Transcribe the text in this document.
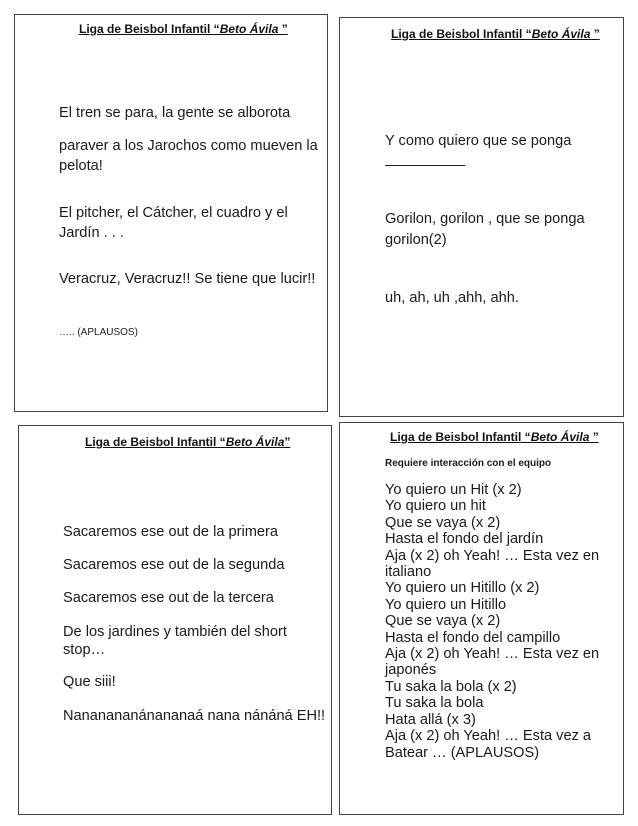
Liga de Beisbol Infantil “Beto Ávila ”

El tren se para, la gente se alborota

paraver a los Jarochos como mueven la

pelota!

El pitcher, el Cátcher, el cuadro y el

Jardín . . .

Veracruz, Veracruz!! Se tiene que lucir!!

….. (APLAUSOS)

Liga de Beisbol Infantil “Beto Ávila ”

Y como quiero que se ponga

Gorilon, gorilon , que se ponga

gorilon(2)

uh, ah, uh ,ahh, ahh.

Liga de Beisbol Infantil “Beto Ávila”

Sacaremos ese out de la primera

Sacaremos ese out de la segunda

Sacaremos ese out de la tercera

De los jardines y también del short

stop…

Que siii!

Nananananánananaá nana nánáná EH!!

Liga de Beisbol Infantil “Beto Ávila ”

Requiere interacción con el equipo

Yo quiero un Hit (x 2)
Yo quiero un hit
Que se vaya (x 2)
Hasta el fondo del jardín
Aja (x 2) oh Yeah! … Esta vez en
italiano
Yo quiero un Hitillo (x 2)
Yo quiero un Hitillo
Que se vaya (x 2)
Hasta el fondo del campillo
Aja (x 2) oh Yeah! … Esta vez en
japonés
Tu saka la bola (x 2)
Tu saka la bola
Hata allá (x 3)
Aja (x 2) oh Yeah! … Esta vez a
Batear … (APLAUSOS)
